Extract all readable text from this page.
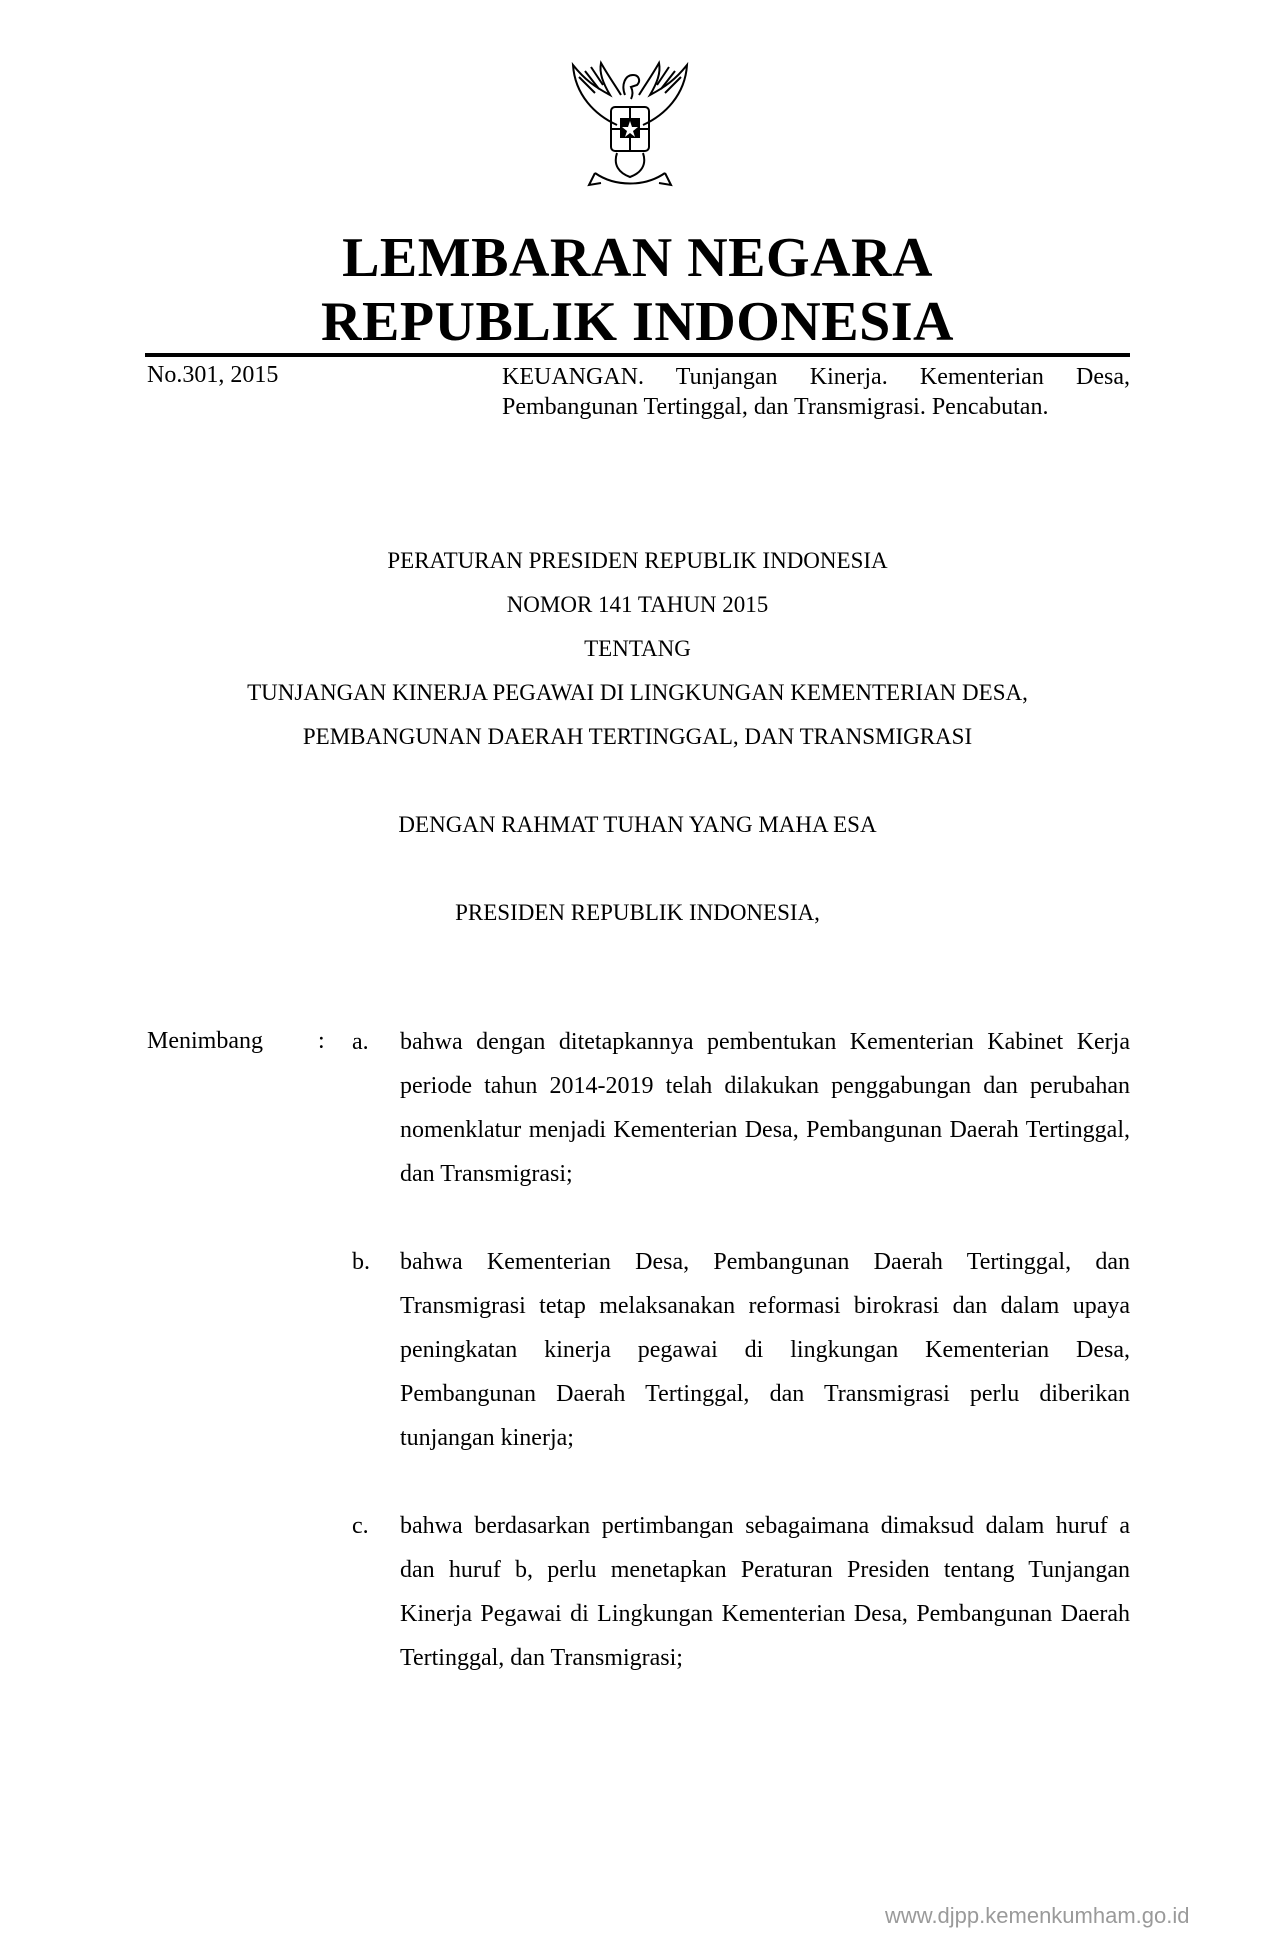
LEMBARAN NEGARA
REPUBLIK INDONESIA
No.301, 2015	KEUANGAN. Tunjangan Kinerja. Kementerian Desa, Pembangunan Tertinggal, dan Transmigrasi. Pencabutan.
PERATURAN PRESIDEN REPUBLIK INDONESIA
NOMOR 141 TAHUN 2015
TENTANG
TUNJANGAN KINERJA PEGAWAI DI LINGKUNGAN KEMENTERIAN DESA,
PEMBANGUNAN DAERAH TERTINGGAL, DAN TRANSMIGRASI
DENGAN RAHMAT TUHAN YANG MAHA ESA
PRESIDEN REPUBLIK INDONESIA,
Menimbang : a.	bahwa dengan ditetapkannya pembentukan Kementerian Kabinet Kerja periode tahun 2014-2019 telah dilakukan penggabungan dan perubahan nomenklatur menjadi Kementerian Desa, Pembangunan Daerah Tertinggal, dan Transmigrasi;
b.	bahwa Kementerian Desa, Pembangunan Daerah Tertinggal, dan Transmigrasi tetap melaksanakan reformasi birokrasi dan dalam upaya peningkatan kinerja pegawai di lingkungan Kementerian Desa, Pembangunan Daerah Tertinggal, dan Transmigrasi perlu diberikan tunjangan kinerja;
c.	bahwa berdasarkan pertimbangan sebagaimana dimaksud dalam huruf a dan huruf b, perlu menetapkan Peraturan Presiden tentang Tunjangan Kinerja Pegawai di Lingkungan Kementerian Desa, Pembangunan Daerah Tertinggal, dan Transmigrasi;
www.djpp.kemenkumham.go.id
